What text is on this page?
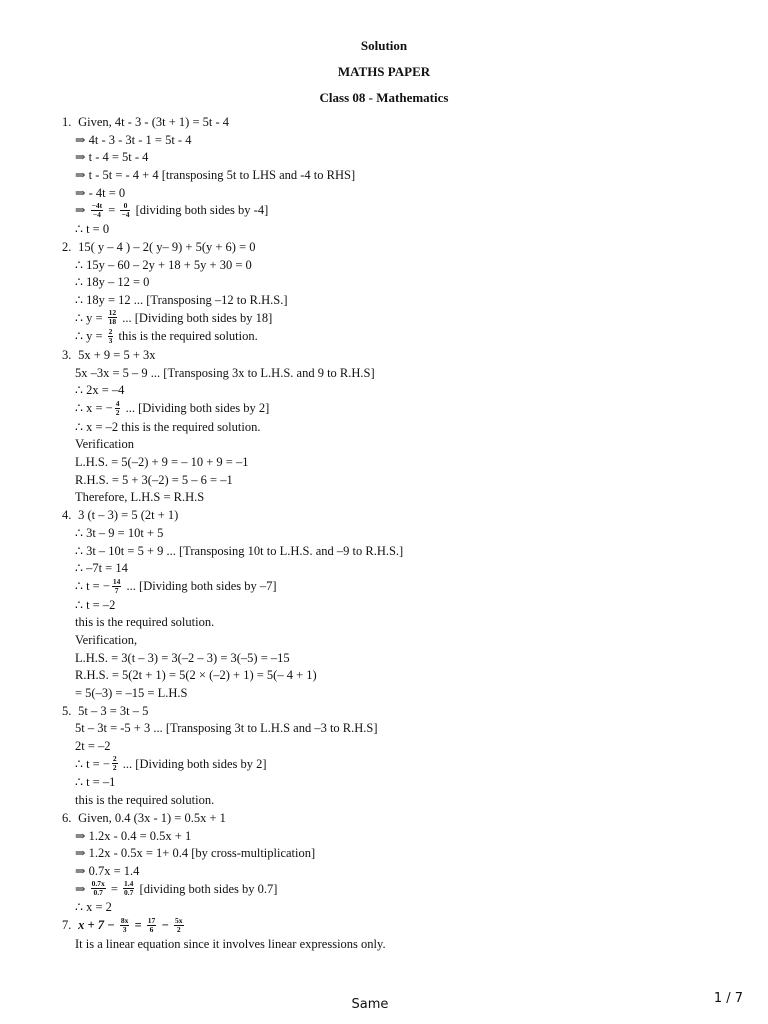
Solution
MATHS PAPER
Class 08 - Mathematics
1. Given, 4t - 3 - (3t + 1) = 5t - 4
⇒ 4t - 3 - 3t - 1 = 5t - 4
⇒ t - 4 = 5t - 4
⇒ t - 5t = - 4 + 4 [transposing 5t to LHS and -4 to RHS]
⇒ - 4t = 0
⇒ $\frac{-4t}{-4} = \frac{0}{-4}$ [dividing both sides by -4]
∴ t = 0
2. 15( y – 4 ) – 2( y– 9) + 5(y + 6) = 0
∴ 15y – 60 – 2y + 18 + 5y + 30 = 0
∴ 18y – 12 = 0
∴ 18y = 12 ... [Transposing –12 to R.H.S.]
∴ $y = \frac{12}{18}$ ... [Dividing both sides by 18]
∴ $y = \frac{2}{3}$ this is the required solution.
3. 5x + 9 = 5 + 3x
5x –3x = 5 – 9 ... [Transposing 3x to L.H.S. and 9 to R.H.S]
∴ 2x = –4
∴ x = − $\frac{4}{2}$ ... [Dividing both sides by 2]
∴ x = –2 this is the required solution.
Verification
L.H.S. = 5(–2) + 9 = – 10 + 9 = –1
R.H.S. = 5 + 3(–2) = 5 – 6 = –1
Therefore, L.H.S = R.H.S
4. 3 (t – 3) = 5 (2t + 1)
∴ 3t – 9 = 10t + 5
∴ 3t – 10t = 5 + 9 ... [Transposing 10t to L.H.S. and –9 to R.H.S.]
∴ –7t = 14
∴ t = − $\frac{14}{7}$ ... [Dividing both sides by –7]
∴ t = –2
this is the required solution.
Verification,
L.H.S. = 3(t – 3) = 3(–2 – 3) = 3(–5) = –15
R.H.S. = 5(2t + 1) = 5(2 × (–2) + 1) = 5(– 4 + 1)
= 5(–3) = –15 = L.H.S
5. 5t – 3 = 3t – 5
5t – 3t = -5 + 3 ... [Transposing 3t to L.H.S and –3 to R.H.S]
2t = –2
∴ t = − $\frac{2}{2}$ ... [Dividing both sides by 2]
∴ t = –1
this is the required solution.
6. Given, 0.4 (3x - 1) = 0.5x + 1
⇒ 1.2x - 0.4 = 0.5x + 1
⇒ 1.2x - 0.5x = 1+ 0.4 [by cross-multiplication]
⇒ 0.7x = 1.4
⇒ $\frac{0.7x}{0.7} = \frac{1.4}{0.7}$ [dividing both sides by 0.7]
∴ x = 2
7. $x + 7 - \frac{8x}{3} = \frac{17}{6} - \frac{5x}{2}$
It is a linear equation since it involves linear expressions only.
Same	1 / 7
